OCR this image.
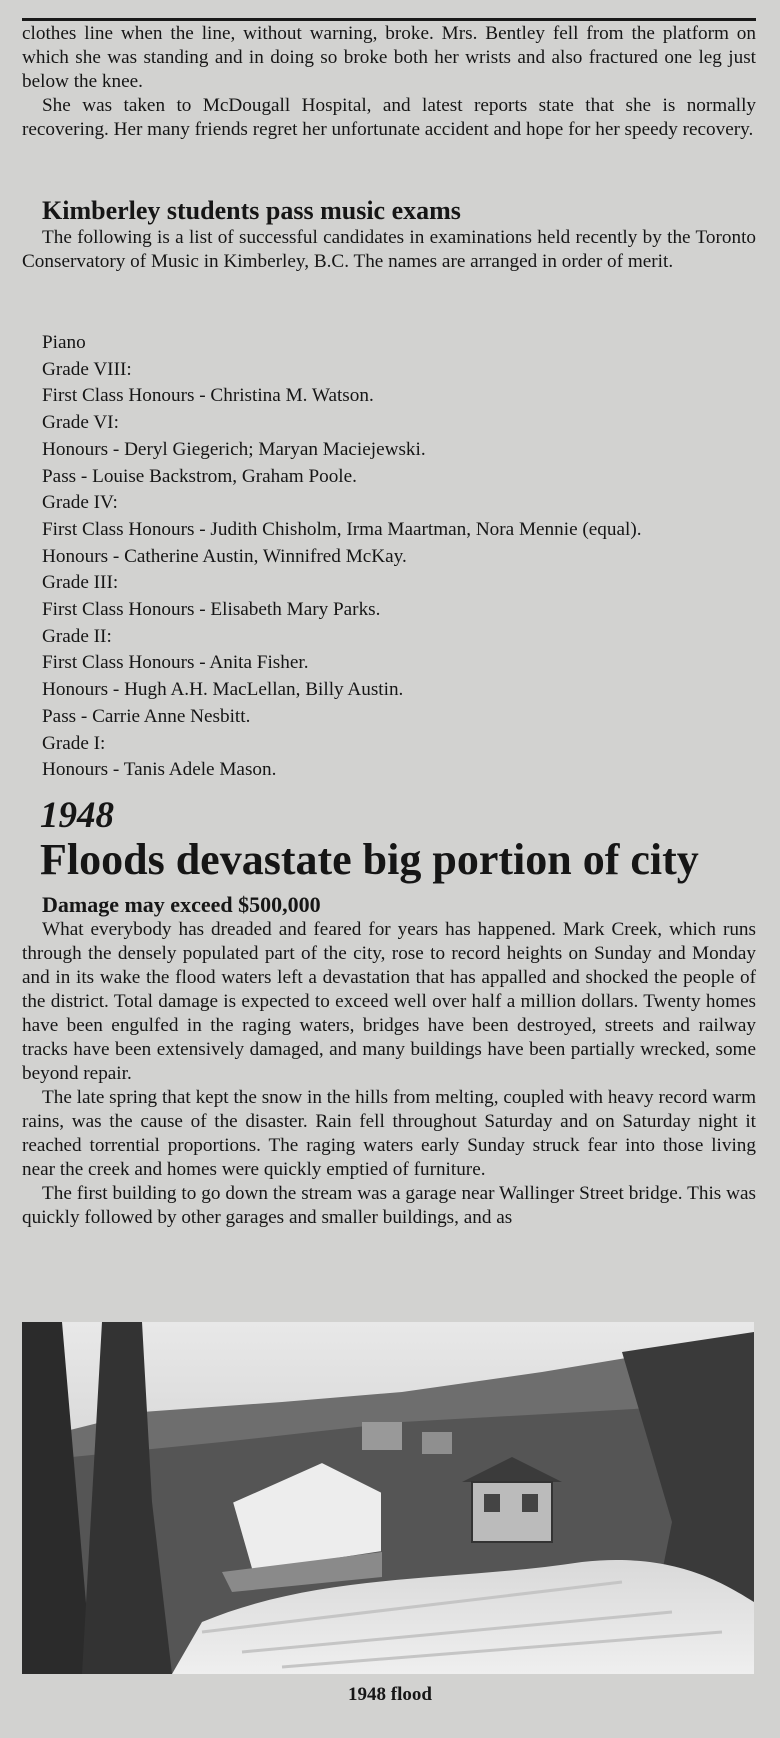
clothes line when the line, without warning, broke. Mrs. Bentley fell from the platform on which she was standing and in doing so broke both her wrists and also fractured one leg just below the knee.

She was taken to McDougall Hospital, and latest reports state that she is normally recovering. Her many friends regret her unfortunate accident and hope for her speedy recovery.

Kimberley students pass music exams

The following is a list of successful candidates in examinations held recently by the Toronto Conservatory of Music in Kimberley, B.C. The names are arranged in order of merit.

Piano
Grade VIII:
First Class Honours - Christina M. Watson.
Grade VI:
Honours - Deryl Giegerich; Maryan Maciejewski.
Pass - Louise Backstrom, Graham Poole.
Grade IV:
First Class Honours - Judith Chisholm, Irma Maartman, Nora Mennie (equal).
Honours - Catherine Austin, Winnifred McKay.
Grade III:
First Class Honours - Elisabeth Mary Parks.
Grade II:
First Class Honours - Anita Fisher.
Honours - Hugh A.H. MacLellan, Billy Austin.
Pass - Carrie Anne Nesbitt.
Grade I:
Honours - Tanis Adele Mason.
1948
Floods devastate big portion of city
Damage may exceed $500,000

What everybody has dreaded and feared for years has happened. Mark Creek, which runs through the densely populated part of the city, rose to record heights on Sunday and Monday and in its wake the flood waters left a devastation that has appalled and shocked the people of the district. Total damage is expected to exceed well over half a million dollars. Twenty homes have been engulfed in the raging waters, bridges have been destroyed, streets and railway tracks have been extensively damaged, and many buildings have been partially wrecked, some beyond repair.

The late spring that kept the snow in the hills from melting, coupled with heavy record warm rains, was the cause of the disaster. Rain fell throughout Saturday and on Saturday night it reached torrential proportions. The raging waters early Sunday struck fear into those living near the creek and homes were quickly emptied of furniture.

The first building to go down the stream was a garage near Wallinger Street bridge. This was quickly followed by other garages and smaller buildings, and as

1948 flood
